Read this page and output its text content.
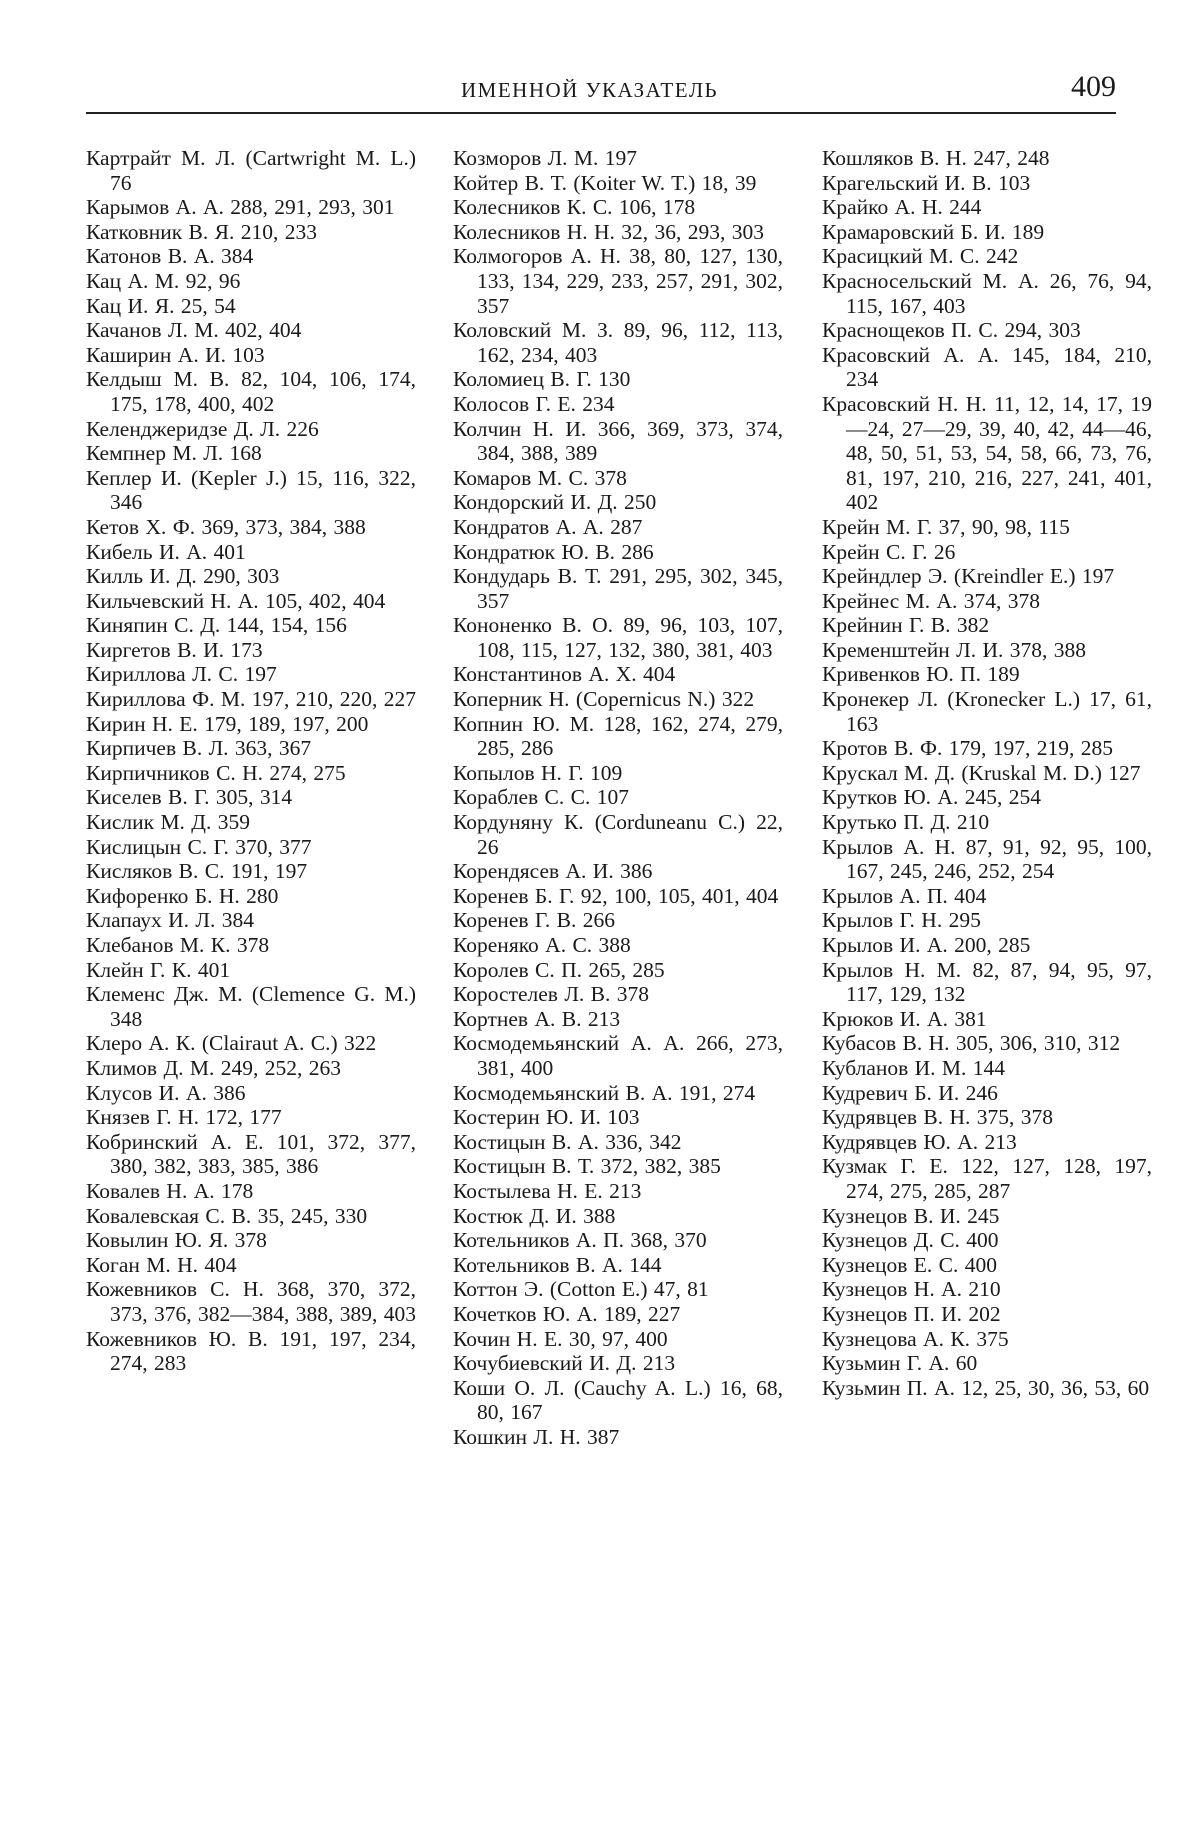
ИМЕННОЙ УКАЗАТЕЛЬ	409
Картрайт М. Л. (Cartwright M. L.) 76
Карымов А. А. 288, 291, 293, 301
Катковник В. Я. 210, 233
Катонов В. А. 384
Кац А. М. 92, 96
Кац И. Я. 25, 54
Качанов Л. М. 402, 404
Каширин А. И. 103
Келдыш М. В. 82, 104, 106, 174, 175, 178, 400, 402
Келенджеридзе Д. Л. 226
Кемпнер М. Л. 168
Кеплер И. (Kepler J.) 15, 116, 322, 346
Кетов Х. Ф. 369, 373, 384, 388
Кибель И. А. 401
Килль И. Д. 290, 303
Кильчевский Н. А. 105, 402, 404
Киняпин С. Д. 144, 154, 156
Киргетов В. И. 173
Кириллова Л. С. 197
Кириллова Ф. М. 197, 210, 220, 227
Кирин Н. Е. 179, 189, 197, 200
Кирпичев В. Л. 363, 367
Кирпичников С. Н. 274, 275
Киселев В. Г. 305, 314
Кислик М. Д. 359
Кислицын С. Г. 370, 377
Кисляков В. С. 191, 197
Кифоренко Б. Н. 280
Клапаух И. Л. 384
Клебанов М. К. 378
Клейн Г. К. 401
Клеменс Дж. М. (Clemence G. M.) 348
Клеро А. К. (Clairaut A. C.) 322
Климов Д. М. 249, 252, 263
Клусов И. А. 386
Князев Г. Н. 172, 177
Кобринский А. Е. 101, 372, 377, 380, 382, 383, 385, 386
Ковалев Н. А. 178
Ковалевская С. В. 35, 245, 330
Ковылин Ю. Я. 378
Коган М. Н. 404
Кожевников С. Н. 368, 370, 372, 373, 376, 382—384, 388, 389, 403
Кожевников Ю. В. 191, 197, 234, 274, 283
Козморов Л. М. 197
Койтер В. Т. (Koiter W. T.) 18, 39
Колесников К. С. 106, 178
Колесников Н. Н. 32, 36, 293, 303
Колмогоров А. Н. 38, 80, 127, 130, 133, 134, 229, 233, 257, 291, 302, 357
Коловский М. З. 89, 96, 112, 113, 162, 234, 403
Коломиец В. Г. 130
Колосов Г. Е. 234
Колчин Н. И. 366, 369, 373, 374, 384, 388, 389
Комаров М. С. 378
Кондорский И. Д. 250
Кондратов А. А. 287
Кондратюк Ю. В. 286
Кондударь В. Т. 291, 295, 302, 345, 357
Кононенко В. О. 89, 96, 103, 107, 108, 115, 127, 132, 380, 381, 403
Константинов А. Х. 404
Коперник Н. (Copernicus N.) 322
Копнин Ю. М. 128, 162, 274, 279, 285, 286
Копылов Н. Г. 109
Кораблев С. С. 107
Кордуняну К. (Corduneanu C.) 22, 26
Корендясев А. И. 386
Коренев Б. Г. 92, 100, 105, 401, 404
Коренев Г. В. 266
Кореняко А. С. 388
Королев С. П. 265, 285
Коростелев Л. В. 378
Кортнев А. В. 213
Космодемьянский А. А. 266, 273, 381, 400
Космодемьянский В. А. 191, 274
Костерин Ю. И. 103
Костицын В. А. 336, 342
Костицын В. Т. 372, 382, 385
Костылева Н. Е. 213
Костюк Д. И. 388
Котельников А. П. 368, 370
Котельников В. А. 144
Коттон Э. (Cotton E.) 47, 81
Кочетков Ю. А. 189, 227
Кочин Н. Е. 30, 97, 400
Кочубиевский И. Д. 213
Коши О. Л. (Cauchy A. L.) 16, 68, 80, 167
Кошкин Л. Н. 387
Кошляков В. Н. 247, 248
Крагельский И. В. 103
Крайко А. Н. 244
Крамаровский Б. И. 189
Красицкий М. С. 242
Красносельский М. А. 26, 76, 94, 115, 167, 403
Краснощеков П. С. 294, 303
Красовский А. А. 145, 184, 210, 234
Красовский Н. Н. 11, 12, 14, 17, 19—24, 27—29, 39, 40, 42, 44—46, 48, 50, 51, 53, 54, 58, 66, 73, 76, 81, 197, 210, 216, 227, 241, 401, 402
Крейн М. Г. 37, 90, 98, 115
Крейн С. Г. 26
Крейндлер Э. (Kreindler E.) 197
Крейнес М. А. 374, 378
Крейнин Г. В. 382
Кременштейн Л. И. 378, 388
Кривенков Ю. П. 189
Кронекер Л. (Kronecker L.) 17, 61, 163
Кротов В. Ф. 179, 197, 219, 285
Крускал М. Д. (Kruskal M. D.) 127
Крутков Ю. А. 245, 254
Крутько П. Д. 210
Крылов А. Н. 87, 91, 92, 95, 100, 167, 245, 246, 252, 254
Крылов А. П. 404
Крылов Г. Н. 295
Крылов И. А. 200, 285
Крылов Н. М. 82, 87, 94, 95, 97, 117, 129, 132
Крюков И. А. 381
Кубасов В. Н. 305, 306, 310, 312
Кубланов И. М. 144
Кудревич Б. И. 246
Кудрявцев В. Н. 375, 378
Кудрявцев Ю. А. 213
Кузмак Г. Е. 122, 127, 128, 197, 274, 275, 285, 287
Кузнецов В. И. 245
Кузнецов Д. С. 400
Кузнецов Е. С. 400
Кузнецов Н. А. 210
Кузнецов П. И. 202
Кузнецова А. К. 375
Кузьмин Г. А. 60
Кузьмин П. А. 12, 25, 30, 36, 53, 60
